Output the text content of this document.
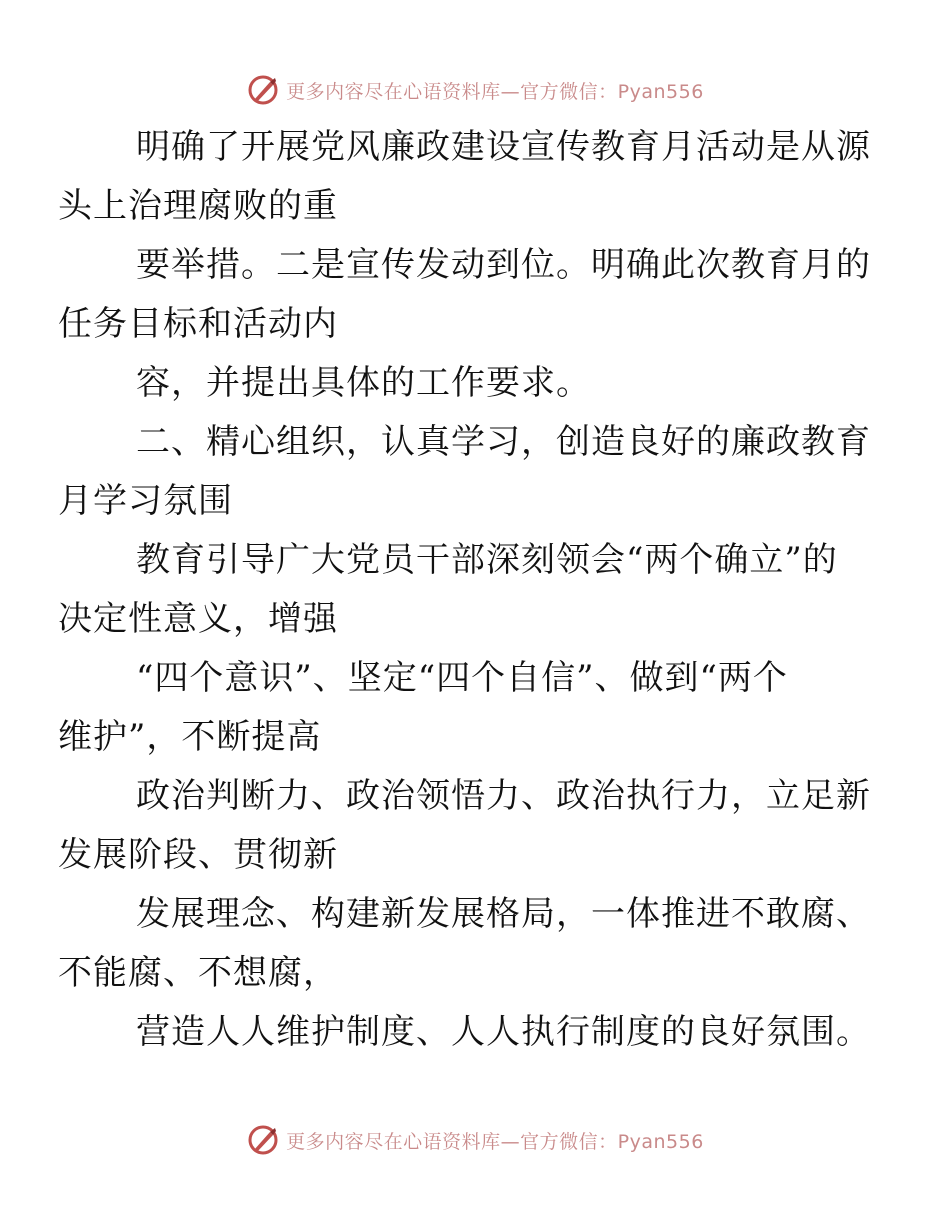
更多内容尽在心语资料库—官方微信：Pyan556

明确了开展党风廉政建设宣传教育月活动是从源
头上治理腐败的重

要举措。二是宣传发动到位。明确此次教育月的
任务目标和活动内

容，并提出具体的工作要求。

二、精心组织，认真学习，创造良好的廉政教育
月学习氛围

教育引导广大党员干部深刻领会“两个确立”的
决定性意义，增强

“四个意识”、坚定“四个自信”、做到“两个
维护”，不断提高

政治判断力、政治领悟力、政治执行力，立足新
发展阶段、贯彻新

发展理念、构建新发展格局，一体推进不敢腐、
不能腐、不想腐，

营造人人维护制度、人人执行制度的良好氛围。

更多内容尽在心语资料库—官方微信：Pyan556
